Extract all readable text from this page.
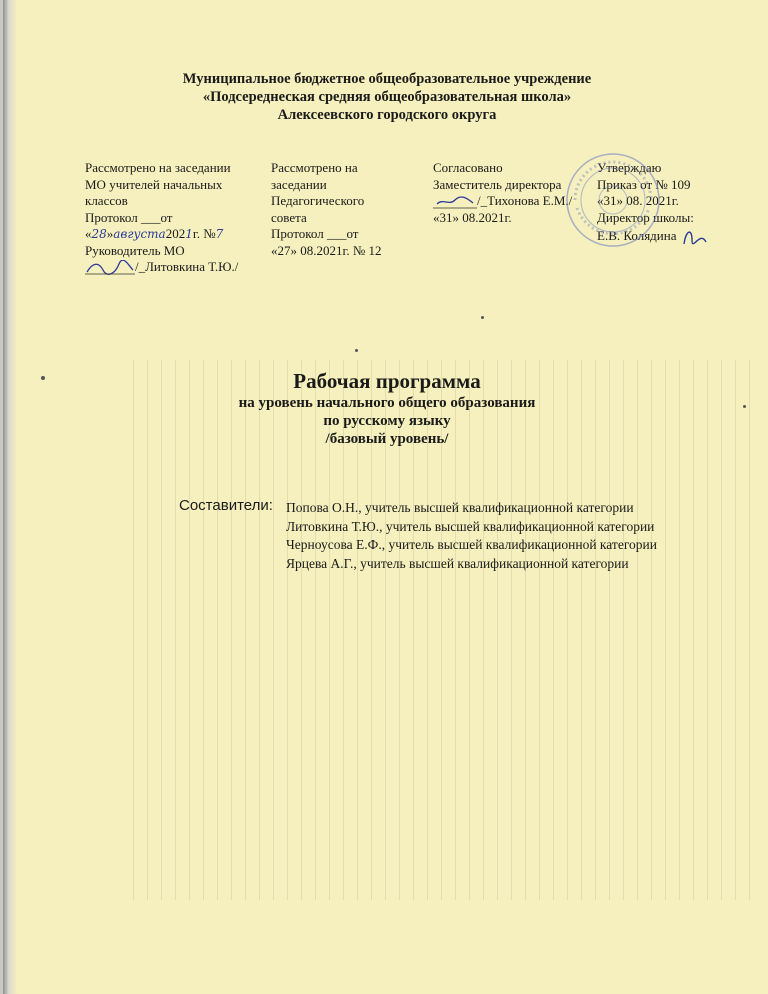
Муниципальное бюджетное общеобразовательное учреждение
«Подсереднеская средняя общеобразовательная школа»
Алексеевского городского округа
Рассмотрено на заседании
МО учителей начальных
классов
Протокол ___от
«28»августа2021г. №7
Руководитель МО
/_Литовкина Т.Ю./
Рассмотрено на
заседании
Педагогического
совета
Протокол ___от
«27» 08.2021г. № 12
Согласовано
Заместитель директора
/_Тихонова Е.М./
«31» 08.2021г.
Утверждаю
Приказ от № 109
«31» 08. 2021г.
Директор школы:
Е.В. Колядина
Рабочая программа
на уровень начального общего образования
по русскому языку
/базовый уровень/
Составители: Попова О.Н., учитель высшей квалификационной категории
Литовкина Т.Ю., учитель высшей квалификационной категории
Черноусова Е.Ф., учитель высшей квалификационной категории
Ярцева А.Г., учитель высшей квалификационной категории
